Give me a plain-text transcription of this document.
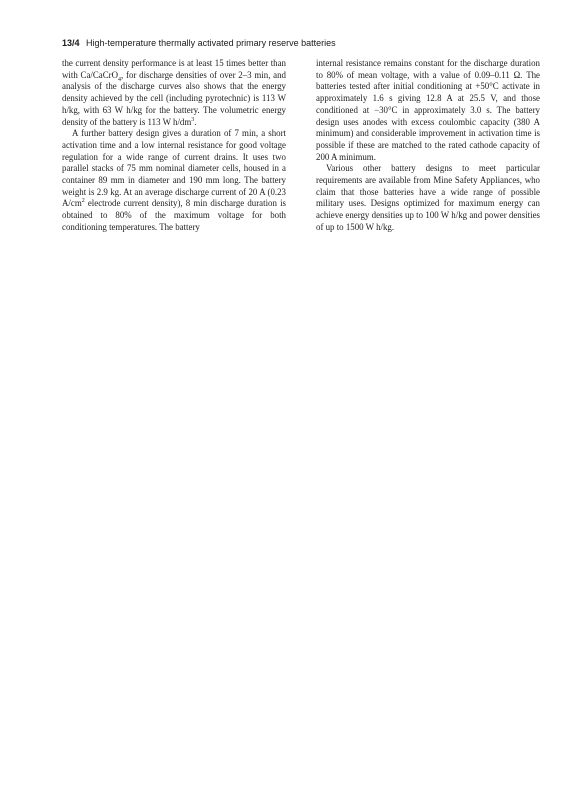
13/4 High-temperature thermally activated primary reserve batteries

the current density performance is at least 15 times better than with Ca/CaCrO$_4$, for discharge densities of over 2–3 min, and analysis of the discharge curves also shows that the energy density achieved by the cell (including pyrotechnic) is 113 W h/kg, with 63 W h/kg for the battery. The volumetric energy density of the battery is 113 W $h/dm^3$.

A further battery design gives a duration of 7 min, a short activation time and a low internal resistance for good voltage regulation for a wide range of current drains. It uses two parallel stacks of 75 mm nominal diameter cells, housed in a container 89 mm in diameter and 190 mm long. The battery weight is 2.9 kg. At an average discharge current of 20 A (0.23 $A/cm^2$ electrode current density), 8 min discharge duration is obtained to 80% of the maximum voltage for both conditioning temperatures. The battery

internal resistance remains constant for the discharge duration to 80% of mean voltage, with a value of 0.09–0.11 Ω. The batteries tested after initial conditioning at +50°C activate in approximately 1.6 s giving 12.8 A at 25.5 V, and those conditioned at −30°C in approximately 3.0 s. The battery design uses anodes with excess coulombic capacity (380 A minimum) and considerable improvement in activation time is possible if these are matched to the rated cathode capacity of 200 A minimum.

Various other battery designs to meet particular requirements are available from Mine Safety Appliances, who claim that those batteries have a wide range of possible military uses. Designs optimized for maximum energy can achieve energy densities up to 100 W h/kg and power densities of up to 1500 W h/kg.
